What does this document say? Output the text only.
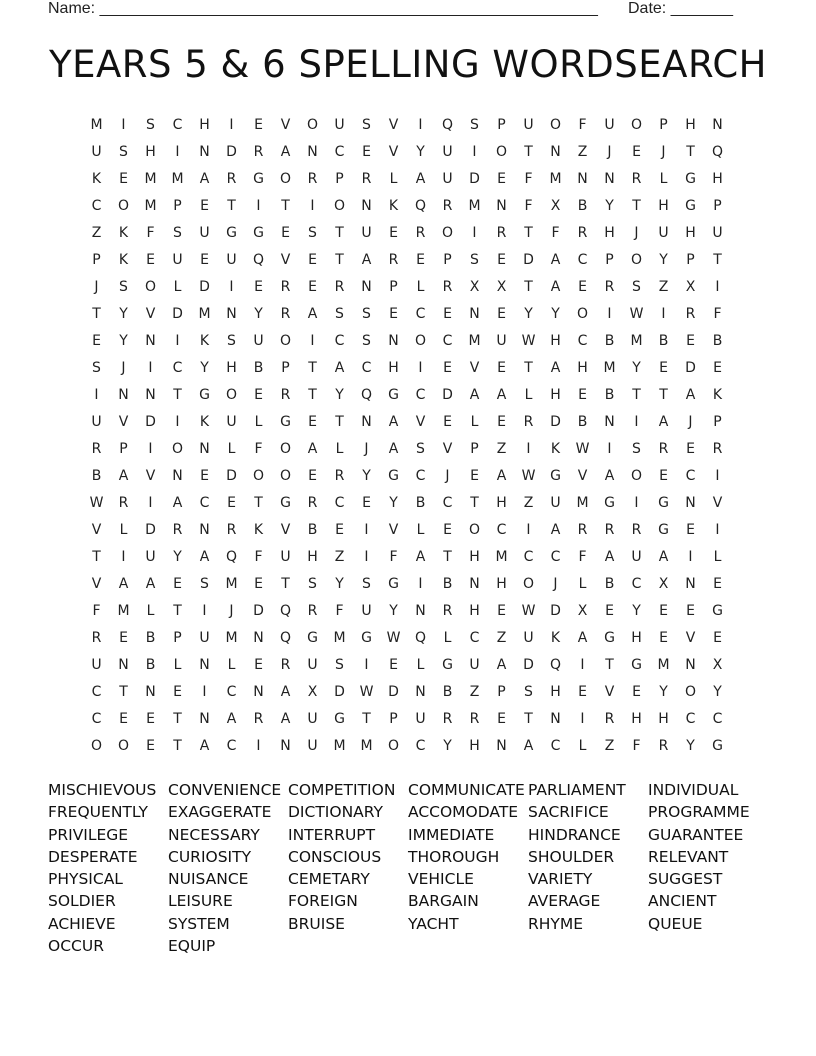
Name: ________________________________________________________ Date: _______
YEARS 5 & 6 SPELLING WORDSEARCH
M	I	S	C	H	I	E	V	O	U	S	V	I	Q	S	P	U	O	F	U	O	P	H	N
U	S	H	I	N	D	R	A	N	C	E	V	Y	U	I	O	T	N	Z	J	E	J	T	Q
K	E	M	M	A	R	G	O	R	P	R	L	A	U	D	E	F	M	N	N	R	L	G	H
C	O	M	P	E	T	I	T	I	O	N	K	Q	R	M	N	F	X	B	Y	T	H	G	P
Z	K	F	S	U	G	G	E	S	T	U	E	R	O	I	R	T	F	R	H	J	U	H	U
P	K	E	U	E	U	Q	V	E	T	A	R	E	P	S	E	D	A	C	P	O	Y	P	T
J	S	O	L	D	I	E	R	E	R	N	P	L	R	X	X	T	A	E	R	S	Z	X	I
T	Y	V	D	M	N	Y	R	A	S	S	E	C	E	N	E	Y	Y	O	I	W	I	R	F
E	Y	N	I	K	S	U	O	I	C	S	N	O	C	M	U	W	H	C	B	M	B	E	B
S	J	I	C	Y	H	B	P	T	A	C	H	I	E	V	E	T	A	H	M	Y	E	D	E
I	N	N	T	G	O	E	R	T	Y	Q	G	C	D	A	A	L	H	E	B	T	T	A	K
U	V	D	I	K	U	L	G	E	T	N	A	V	E	L	E	R	D	B	N	I	A	J	P
R	P	I	O	N	L	F	O	A	L	J	A	S	V	P	Z	I	K	W	I	S	R	E	R
B	A	V	N	E	D	O	O	E	R	Y	G	C	J	E	A	W	G	V	A	O	E	C	I
W	R	I	A	C	E	T	G	R	C	E	Y	B	C	T	H	Z	U	M	G	I	G	N	V
V	L	D	R	N	R	K	V	B	E	I	V	L	E	O	C	I	A	R	R	R	G	E	I
T	I	U	Y	A	Q	F	U	H	Z	I	F	A	T	H	M	C	C	F	A	U	A	I	L
V	A	A	E	S	M	E	T	S	Y	S	G	I	B	N	H	O	J	L	B	C	X	N	E
F	M	L	T	I	J	D	Q	R	F	U	Y	N	R	H	E	W	D	X	E	Y	E	E	G
R	E	B	P	U	M	N	Q	G	M	G	W	Q	L	C	Z	U	K	A	G	H	E	V	E
U	N	B	L	N	L	E	R	U	S	I	E	L	G	U	A	D	Q	I	T	G	M	N	X
C	T	N	E	I	C	N	A	X	D	W	D	N	B	Z	P	S	H	E	V	E	Y	O	Y
C	E	E	T	N	A	R	A	U	G	T	P	U	R	R	E	T	N	I	R	H	H	C	C
O	O	E	T	A	C	I	N	U	M	M	O	C	Y	H	N	A	C	L	Z	F	R	Y	G
MISCHIEVOUS CONVENIENCE COMPETITION COMMUNICATE PARLIAMENT	INDIVIDUAL
FREQUENTLY	EXAGGERATE	DICTIONARY	ACCOMODATE SACRIFICE	PROGRAMME
PRIVILEGE	NECESSARY	INTERRUPT	IMMEDIATE	HINDRANCE	GUARANTEE
DESPERATE	CURIOSITY	CONSCIOUS	THOROUGH	SHOULDER	RELEVANT
PHYSICAL	NUISANCE	CEMETARY	VEHICLE	VARIETY	SUGGEST
SOLDIER	LEISURE	FOREIGN	BARGAIN	AVERAGE	ANCIENT
ACHIEVE	SYSTEM	BRUISE	YACHT	RHYME	QUEUE
OCCUR	EQUIP
